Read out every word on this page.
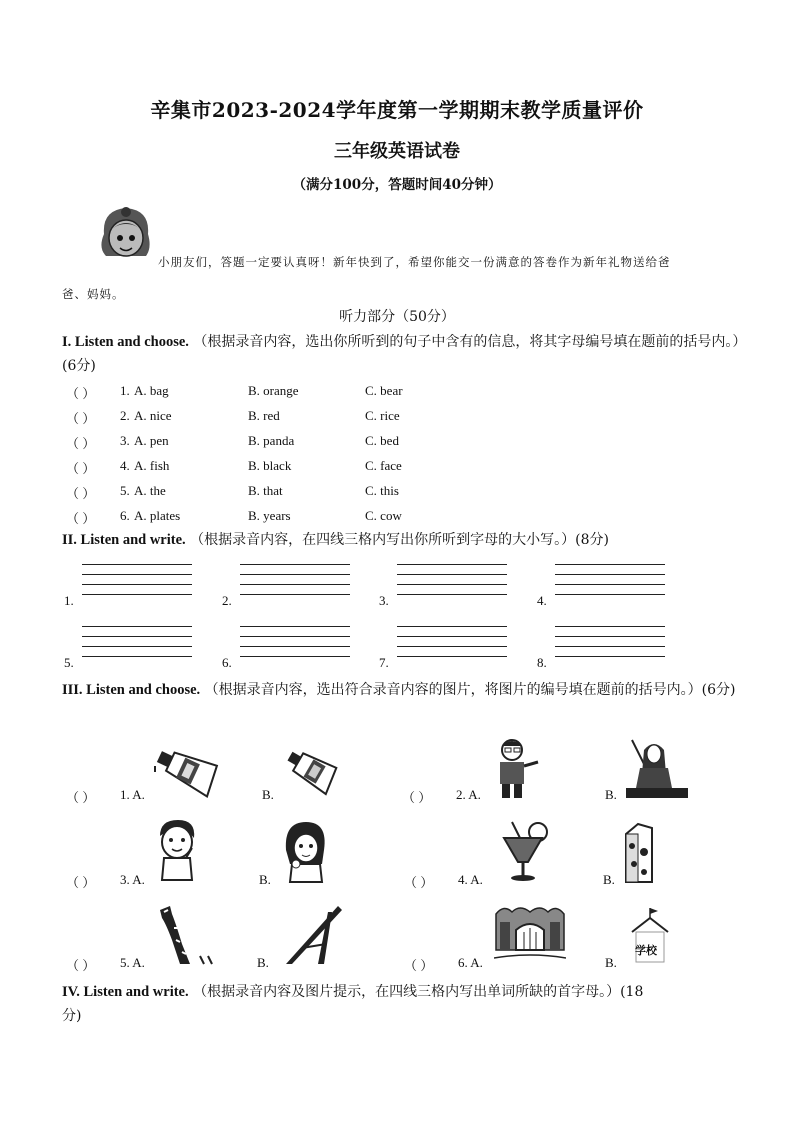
辛集市2023-2024学年度第一学期期末教学质量评价
三年级英语试卷
（满分100分，答题时间40分钟）
小朋友们，答题一定要认真呀！新年快到了，希望你能交一份满意的答卷作为新年礼物送给爸
爸、妈妈。
听力部分（50分）
I. Listen and choose. （根据录音内容，选出你所听到的句子中含有的信息，将其字母编号填在题前的括号内。）(6分)
（ ） 1. A. bag	B. orange	C. bear
（ ） 2. A. nice	B. red	C. rice
（ ） 3. A. pen	B. panda	C. bed
（ ） 4. A. fish	B. black	C. face
（ ） 5. A. the	B. that	C. this
（ ） 6. A. plates	B. years	C. cow
II. Listen and write. （根据录音内容，在四线三格内写出你所听到字母的大小写。）(8分)
1.	2.	3.	4.
5.	6.	7.	8.
III. Listen and choose. （根据录音内容，选出符合录音内容的图片，将图片的编号填在题前的括号内。）(6分)
（ ） 1. A.	B.	（ ） 2. A.	B.
（ ） 3. A.	B.	（ ） 4. A.	B.
（ ） 5. A.	B.	（ ） 6. A.	B.
学校
IV. Listen and write. （根据录音内容及图片提示，在四线三格内写出单词所缺的首字母。）(18
分)
